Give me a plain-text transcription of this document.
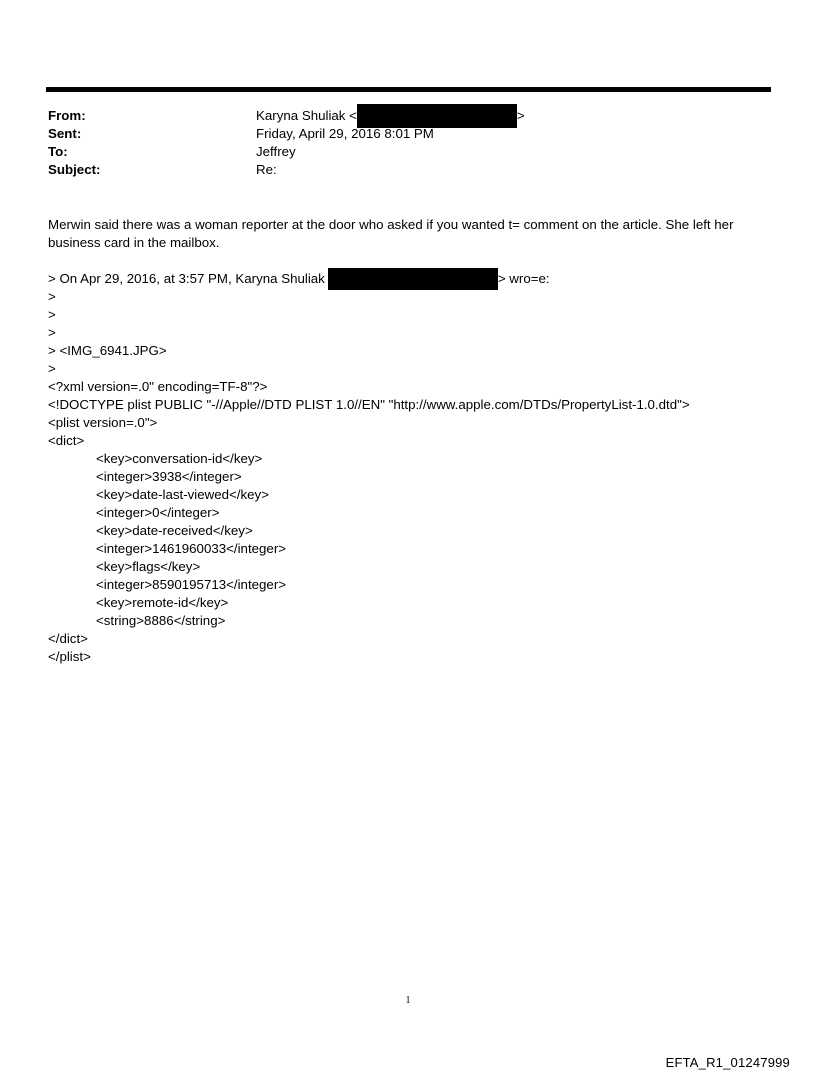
From:	Karyna Shuliak <	>
Sent:	Friday, April 29, 2016 8:01 PM
To:	Jeffrey
Subject:	Re:
Merwin said there was a woman reporter at the door who asked if you wanted t= comment on the article. She left her
business card in the mailbox.
> On Apr 29, 2016, at 3:57 PM, Karyna Shuliak	> wro=e:
>
>
>
> <IMG_6941.JPG>
>
<?xml version=.0" encoding=TF-8"?>
<!DOCTYPE plist PUBLIC "-//Apple//DTD PLIST 1.0//EN" "http://www.apple.com/DTDs/PropertyList-1.0.dtd">
<plist version=.0">
<dict>
<key>conversation-id</key>
<integer>3938</integer>
<key>date-last-viewed</key>
<integer>0</integer>
<key>date-received</key>
<integer>1461960033</integer>
<key>flags</key>
<integer>8590195713</integer>
<key>remote-id</key>
<string>8886</string>
</dict>
</plist>
1
EFTA_R1_01247999
